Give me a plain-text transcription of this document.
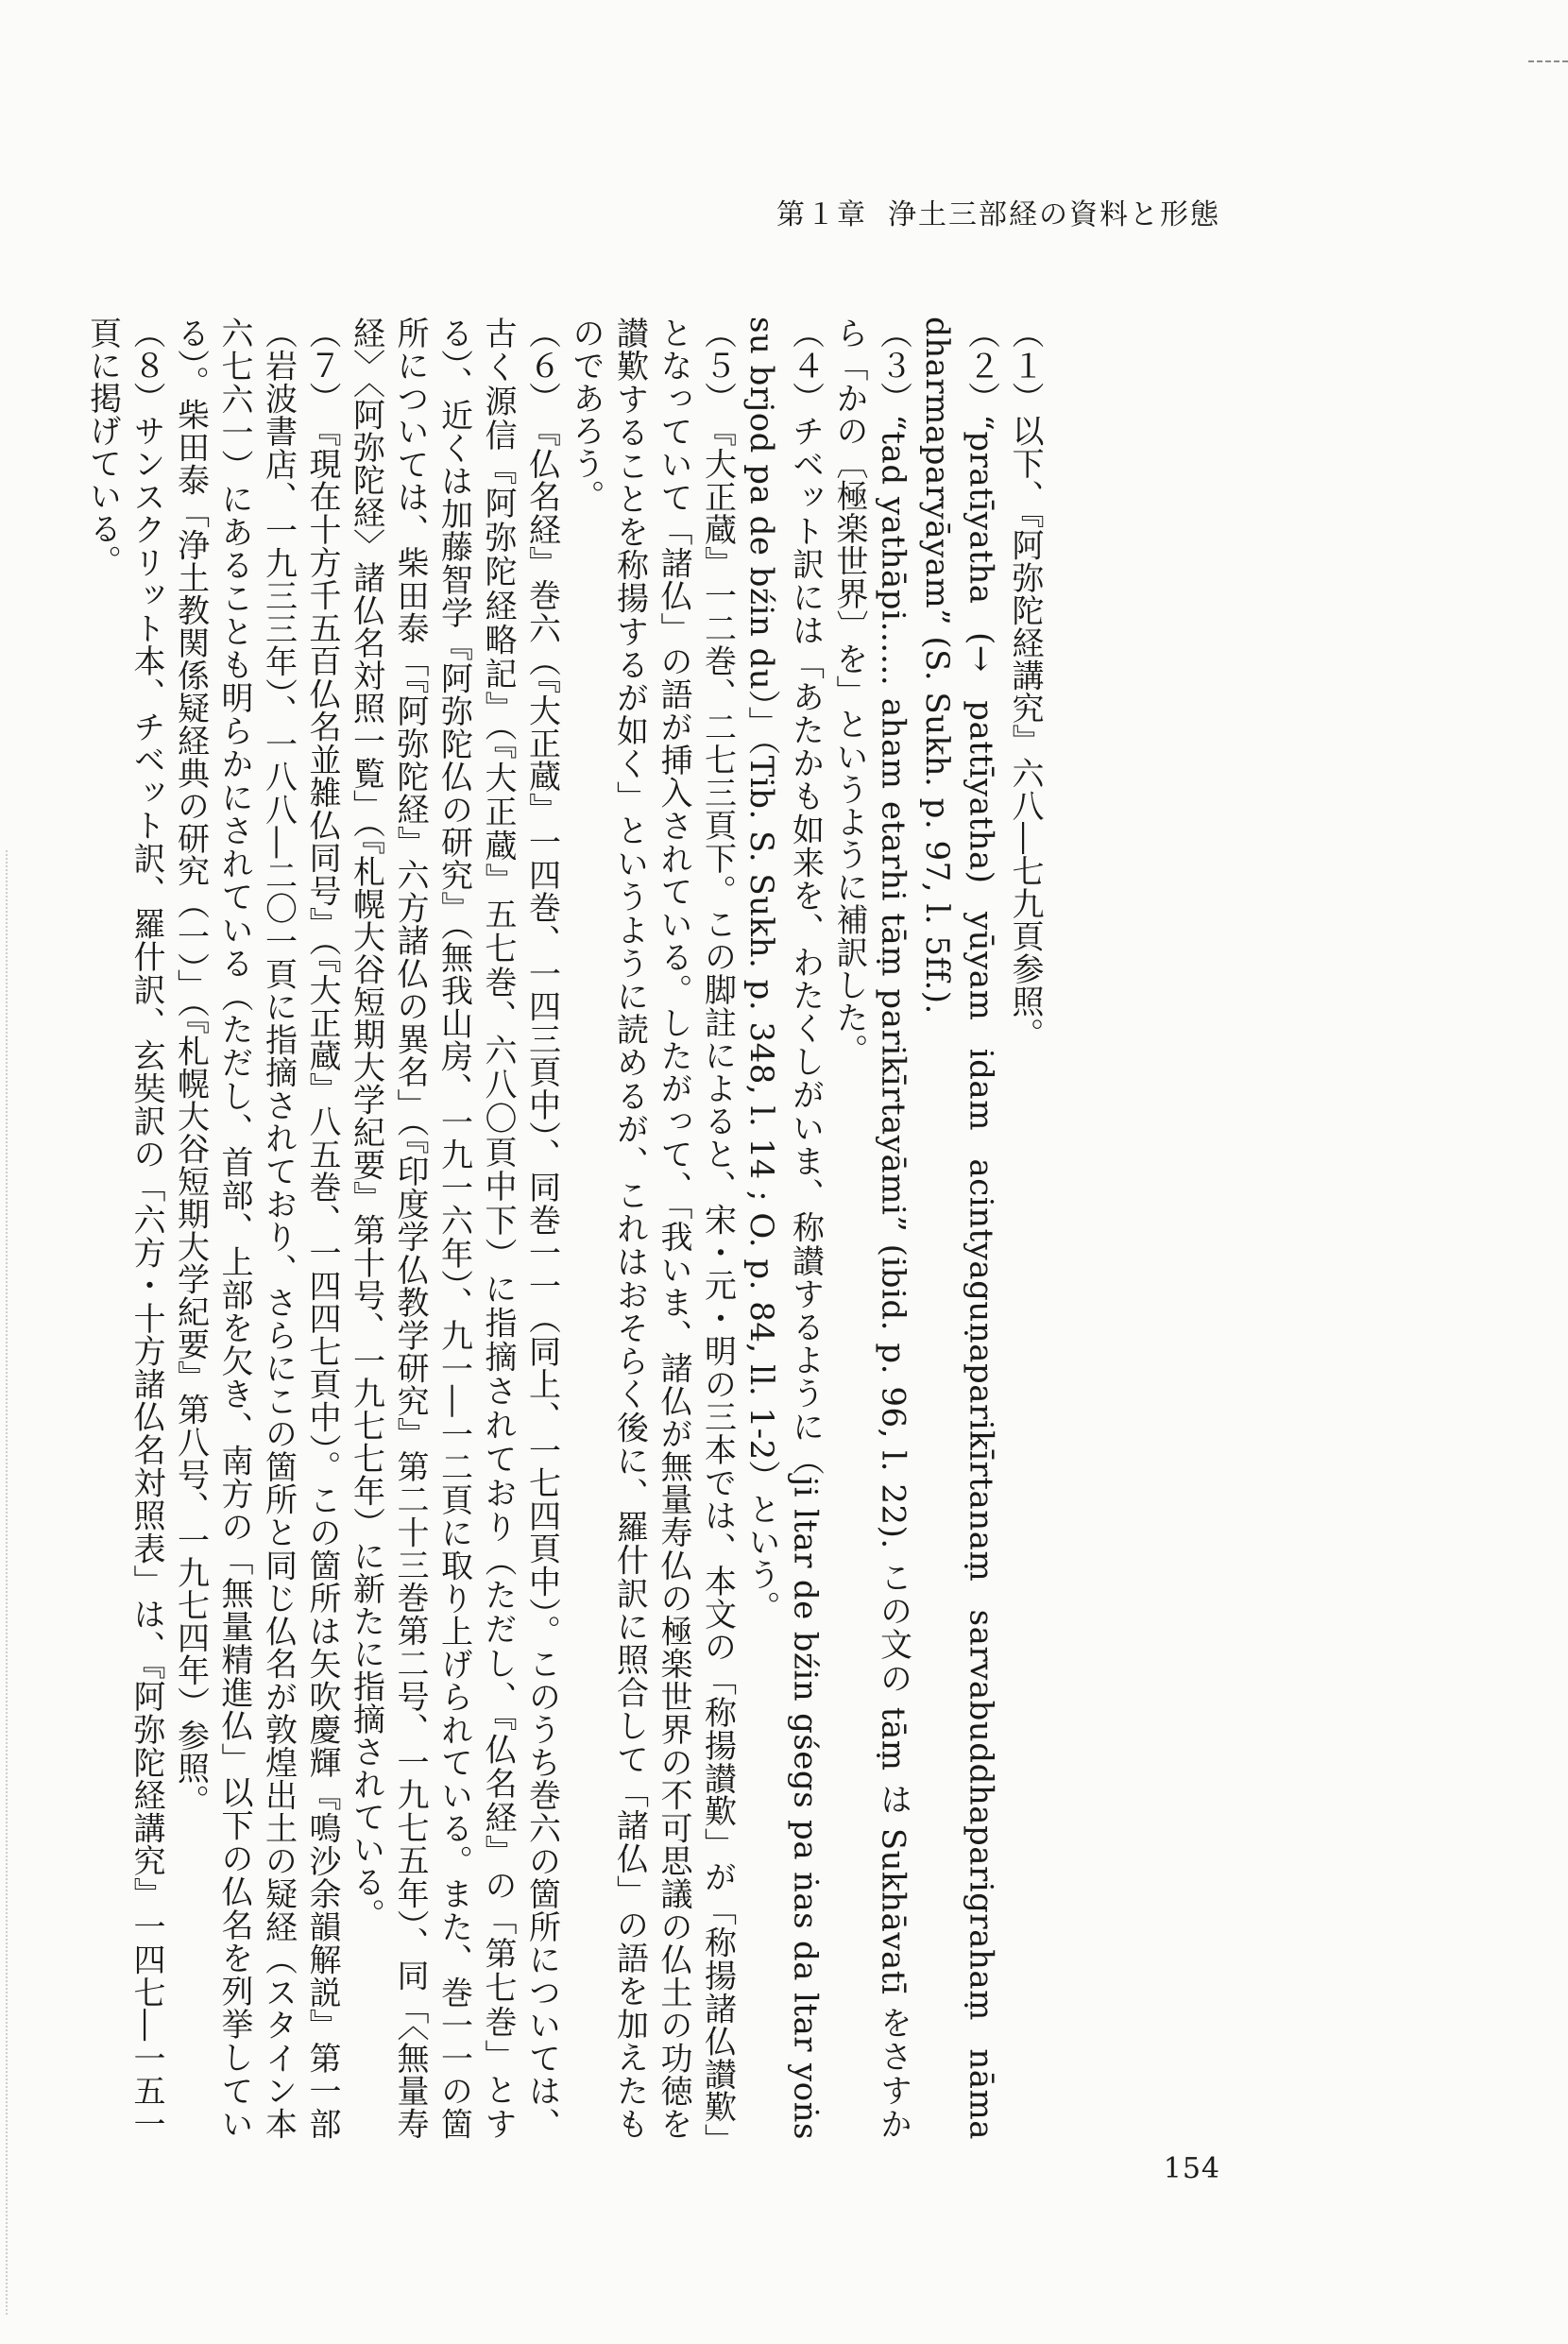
第１章 浄土三部経の資料と形態

（１）以下、『阿弥陀経講究』六八―七九頁参照。

（２）“pratīyatha (→ pattīyatha) yūyam idam acintyaguṇaparikīrtanaṃ sarvabuddhaparigrahaṃ nāma dharmaparyāyam” (S. Sukh. p. 97, l. 5ff.).

（３）“tad yathāpi…… aham etarhi tāṃ parikīrtayāmi” (ibid. p. 96, l. 22). この文の tāṃ は Sukhāvatī をさすから「かの〔極楽世界〕を」というように補訳した。

（４）チベット訳には「あたかも如来を、わたくしがいま、称讃するように（ji ltar de bźin gśegs pa ṅas da ltar yoṅs su brjod pa de bźin du）」（Tib. S. Sukh. p. 348, l. 14 ; O. p. 84, ll. 1-2）という。

（５）『大正蔵』一二巻、二七三頁下。この脚註によると、宋・元・明の三本では、本文の「称揚讃歎」が「称揚諸仏讃歎」となっていて「諸仏」の語が挿入されている。したがって、「我いま、諸仏が無量寿仏の極楽世界の不可思議の仏土の功徳を讃歎することを称揚するが如く」というように読めるが、これはおそらく後に、羅什訳に照合して「諸仏」の語を加えたものであろう。

（６）『仏名経』巻六（『大正蔵』一四巻、一四三頁中）、同巻一一（同上、一七四頁中）。このうち巻六の箇所については、古く源信『阿弥陀経略記』（『大正蔵』五七巻、六八〇頁中下）に指摘されており（ただし、『仏名経』の「第七巻」とする）、近くは加藤智学『阿弥陀仏の研究』（無我山房、一九一六年）、九一―一二頁に取り上げられている。また、巻一一の箇所については、柴田泰「『阿弥陀経』六方諸仏の異名」（『印度学仏教学研究』第二十三巻第二号、一九七五年）、同「〈無量寿経〉〈阿弥陀経〉諸仏名対照一覧」（『札幌大谷短期大学紀要』第十号、一九七七年）に新たに指摘されている。

（７）『現在十方千五百仏名並雑仏同号』（『大正蔵』八五巻、一四四七頁中）。この箇所は矢吹慶輝『鳴沙余韻解説』第一部（岩波書店、一九三三年）、一八八―二〇一頁に指摘されており、さらにこの箇所と同じ仏名が敦煌出土の疑経（スタイン本六七六一）にあることも明らかにされている（ただし、首部、上部を欠き、南方の「無量精進仏」以下の仏名を列挙している）。柴田泰「浄土教関係疑経典の研究（一）」（『札幌大谷短期大学紀要』第八号、一九七四年）参照。

（８）サンスクリット本、チベット訳、羅什訳、玄奘訳の「六方・十方諸仏名対照表」は、『阿弥陀経講究』一四七―一五一頁に掲げている。

154
